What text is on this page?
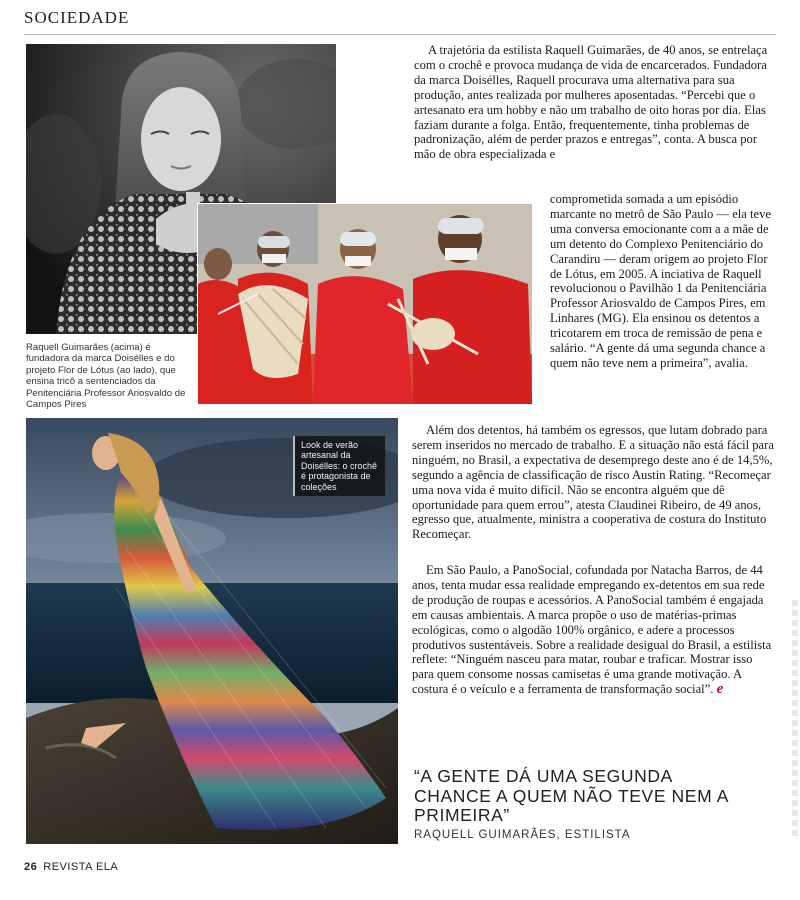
SOCIEDADE
Raquell Guimarães (acima) é fundadora da marca Doisélles e do projeto Flor de Lótus (ao lado), que ensina tricô a sentenciados da Penitenciária Professor Ariosvaldo de Campos Pires
Look de verão artesanal da Doisélles: o crochê é protagonista de coleções

A trajetória da estilista Raquell Guimarães, de 40 anos, se entrelaça com o crochê e provoca mudança de vida de encarcerados. Fundadora da marca Doisélles, Raquell procurava uma alternativa para sua produção, antes realizada por mulheres aposentadas. “Percebi que o artesanato era um hobby e não um trabalho de oito horas por dia. Elas faziam durante a folga. Então, frequentemente, tinha problemas de padronização, além de perder prazos e entregas”, conta. A busca por mão de obra especializada e

comprometida somada a um episódio marcante no metrô de São Paulo — ela teve uma conversa emocionante com a a mãe de um detento do Complexo Penitenciário do Carandiru — deram origem ao projeto Flor de Lótus, em 2005. A inciativa de Raquell revolucionou o Pavilhão 1 da Penitenciária Professor Ariosvaldo de Campos Pires, em Linhares (MG). Ela ensinou os detentos a tricotarem em troca de remissão de pena e salário. “A gente dá uma segunda chance a quem não teve nem a primeira”, avalia.

Além dos detentos, há também os egressos, que lutam dobrado para serem inseridos no mercado de trabalho. E a situação não está fácil para ninguém, no Brasil, a expectativa de desemprego deste ano é de 14,5%, segundo a agência de classificação de risco Austin Rating. “Recomeçar uma nova vida é muito difícil. Não se encontra alguém que dê oportunidade para quem errou”, atesta Claudinei Ribeiro, de 49 anos, egresso que, atualmente, ministra a cooperativa de costura do Instituto Recomeçar.

Em São Paulo, a PanoSocial, cofundada por Natacha Barros, de 44 anos, tenta mudar essa realidade empregando ex-detentos em sua rede de produção de roupas e acessórios. A PanoSocial também é engajada em causas ambientais. A marca propõe o uso de matérias-primas ecológicas, como o algodão 100% orgânico, e adere a processos produtivos sustentáveis. Sobre a realidade desigual do Brasil, a estilista reflete: “Ninguém nasceu para matar, roubar e traficar. Mostrar isso para quem consome nossas camisetas é uma grande motivação. A costura é o veículo e a ferramenta de transformação social”. e

“A GENTE DÁ UMA SEGUNDA CHANCE A QUEM NÃO TEVE NEM A PRIMEIRA”
RAQUELL GUIMARÃES, ESTILISTA
26 REVISTA ELA
